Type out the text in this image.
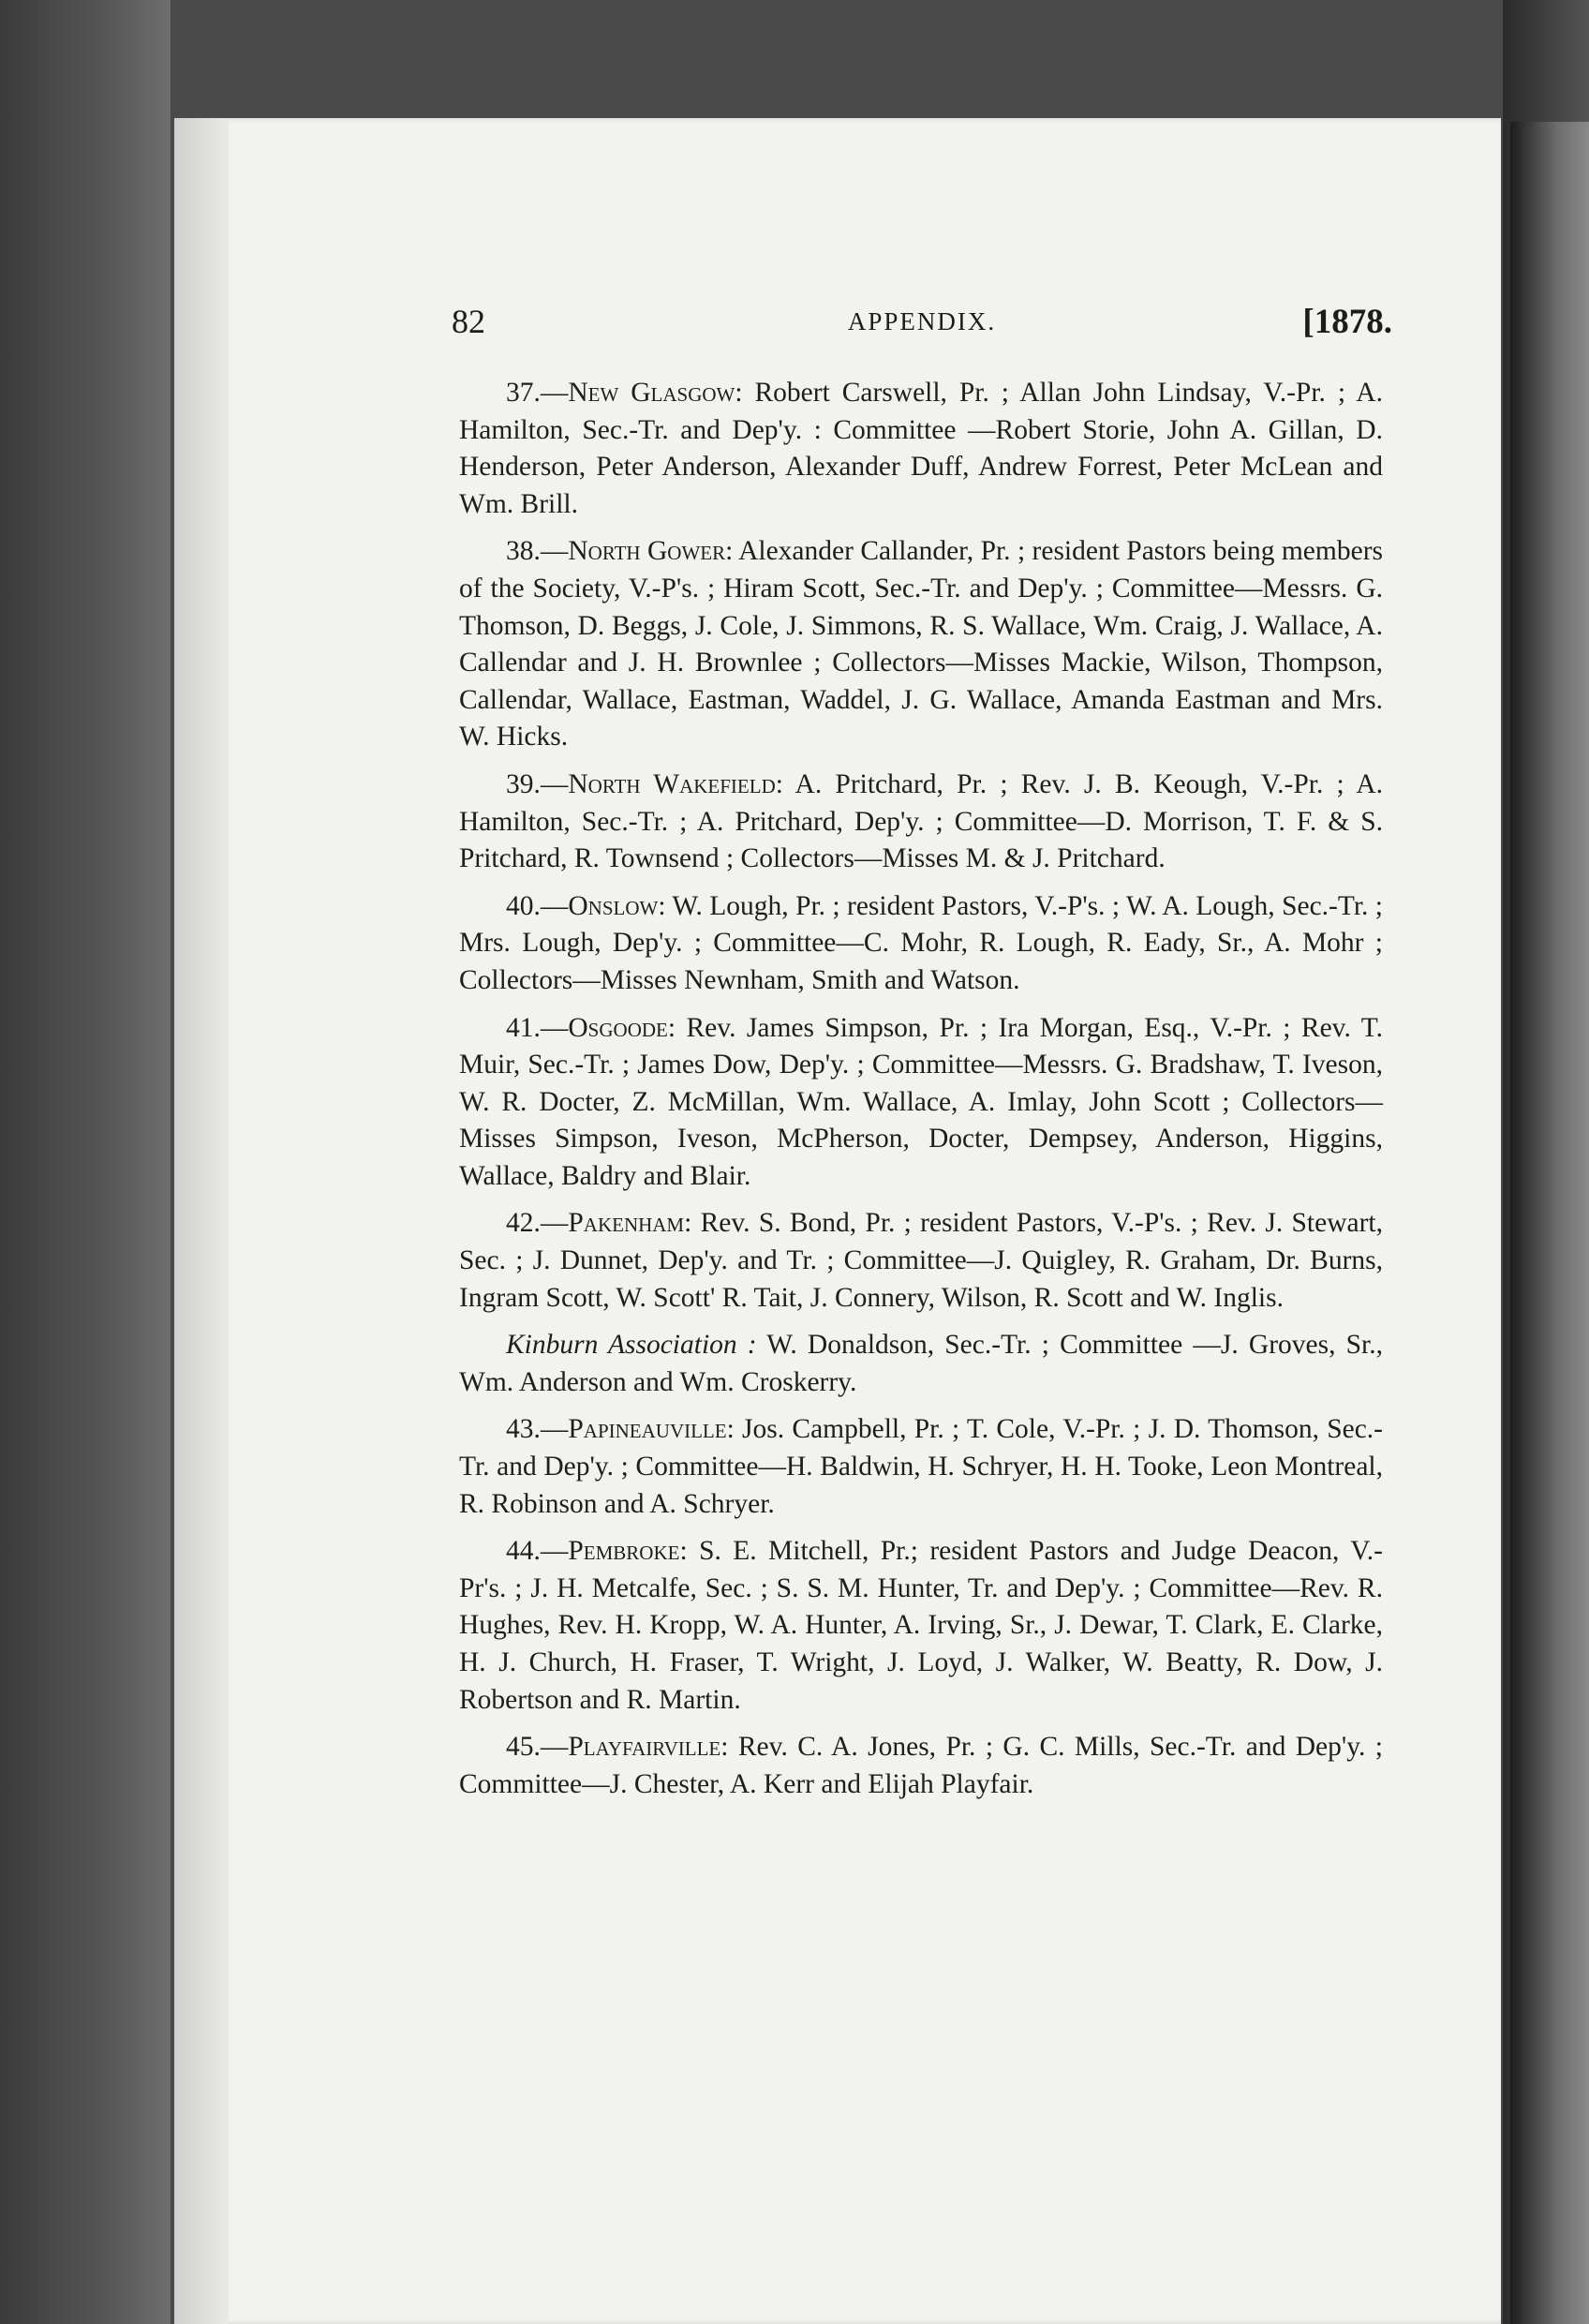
82	APPENDIX.	[1878.

37.—New Glasgow: Robert Carswell, Pr. ; Allan John Lindsay, V.-Pr. ; A. Hamilton, Sec.-Tr. and Dep'y. : Committee —Robert Storie, John A. Gillan, D. Henderson, Peter Anderson, Alexander Duff, Andrew Forrest, Peter McLean and Wm. Brill.

38.—North Gower: Alexander Callander, Pr. ; resident Pastors being members of the Society, V.-P's. ; Hiram Scott, Sec.-Tr. and Dep'y. ; Committee—Messrs. G. Thomson, D. Beggs, J. Cole, J. Simmons, R. S. Wallace, Wm. Craig, J. Wallace, A. Callendar and J. H. Brownlee ; Collectors—Misses Mackie, Wilson, Thompson, Callendar, Wallace, Eastman, Waddel, J. G. Wallace, Amanda Eastman and Mrs. W. Hicks.

39.—North Wakefield: A. Pritchard, Pr. ; Rev. J. B. Keough, V.-Pr. ; A. Hamilton, Sec.-Tr. ; A. Pritchard, Dep'y. ; Committee—D. Morrison, T. F. & S. Pritchard, R. Townsend ; Collectors—Misses M. & J. Pritchard.

40.—Onslow: W. Lough, Pr. ; resident Pastors, V.-P's. ; W. A. Lough, Sec.-Tr. ; Mrs. Lough, Dep'y. ; Committee—C. Mohr, R. Lough, R. Eady, Sr., A. Mohr ; Collectors—Misses Newnham, Smith and Watson.

41.—Osgoode: Rev. James Simpson, Pr. ; Ira Morgan, Esq., V.-Pr. ; Rev. T. Muir, Sec.-Tr. ; James Dow, Dep'y. ; Committee—Messrs. G. Bradshaw, T. Iveson, W. R. Docter, Z. McMillan, Wm. Wallace, A. Imlay, John Scott ; Collectors—Misses Simpson, Iveson, McPherson, Docter, Dempsey, Anderson, Higgins, Wallace, Baldry and Blair.

42.—Pakenham: Rev. S. Bond, Pr. ; resident Pastors, V.-P's. ; Rev. J. Stewart, Sec. ; J. Dunnet, Dep'y. and Tr. ; Committee—J. Quigley, R. Graham, Dr. Burns, Ingram Scott, W. Scott' R. Tait, J. Connery, Wilson, R. Scott and W. Inglis.

Kinburn Association : W. Donaldson, Sec.-Tr. ; Committee —J. Groves, Sr., Wm. Anderson and Wm. Croskerry.

43.—Papineauville: Jos. Campbell, Pr. ; T. Cole, V.-Pr. ; J. D. Thomson, Sec.-Tr. and Dep'y. ; Committee—H. Baldwin, H. Schryer, H. H. Tooke, Leon Montreal, R. Robinson and A. Schryer.

44.—Pembroke: S. E. Mitchell, Pr.; resident Pastors and Judge Deacon, V.-Pr's. ; J. H. Metcalfe, Sec. ; S. S. M. Hunter, Tr. and Dep'y. ; Committee—Rev. R. Hughes, Rev. H. Kropp, W. A. Hunter, A. Irving, Sr., J. Dewar, T. Clark, E. Clarke, H. J. Church, H. Fraser, T. Wright, J. Loyd, J. Walker, W. Beatty, R. Dow, J. Robertson and R. Martin.

45.—Playfairville: Rev. C. A. Jones, Pr. ; G. C. Mills, Sec.-Tr. and Dep'y. ; Committee—J. Chester, A. Kerr and Elijah Playfair.
